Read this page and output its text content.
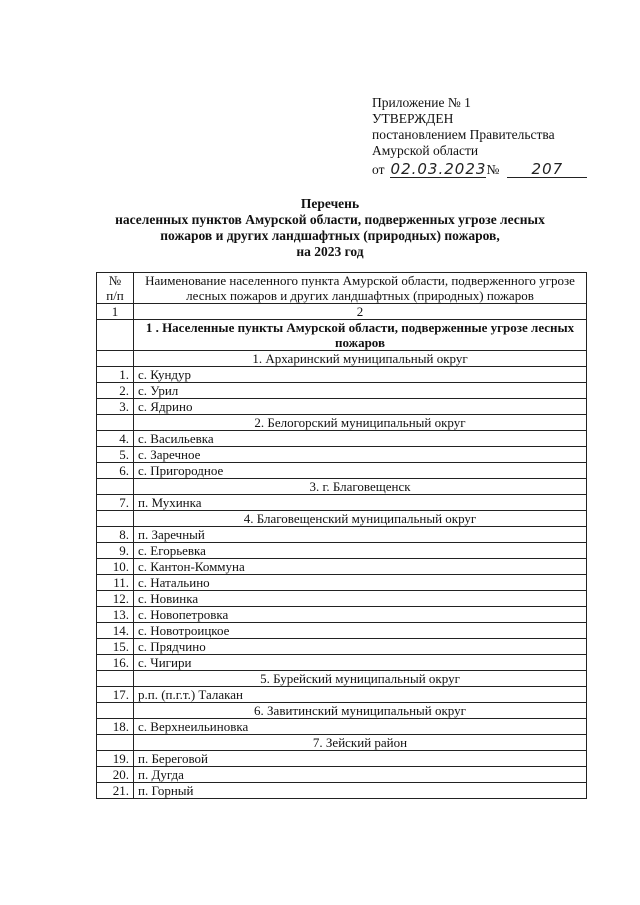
Приложение № 1
УТВЕРЖДЕН
постановлением Правительства
Амурской области
от 02.03.2023 №	207
Перечень
населенных пунктов Амурской области, подверженных угрозе лесных
пожаров и других ландшафтных (природных) пожаров,
на 2023 год
№
п/п	Наименование населенного пункта Амурской области, подверженного угрозе лесных пожаров и других ландшафтных (природных) пожаров
1	2
	1 . Населенные пункты Амурской области, подверженные угрозе лесных пожаров
	1. Архаринский муниципальный округ
1.	с. Кундур
2.	с. Урил
3.	с. Ядрино
	2. Белогорский муниципальный округ
4.	с. Васильевка
5.	с. Заречное
6.	с. Пригородное
	3. г. Благовещенск
7.	п. Мухинка
	4. Благовещенский муниципальный округ
8.	п. Заречный
9.	с. Егорьевка
10.	с. Кантон-Коммуна
11.	с. Натальино
12.	с. Новинка
13.	с. Новопетровка
14.	с. Новотроицкое
15.	с. Прядчино
16.	с. Чигири
	5. Бурейский муниципальный округ
17.	р.п. (п.г.т.) Талакан
	6. Завитинский муниципальный округ
18.	с. Верхнеильиновка
	7. Зейский район
19.	п. Береговой
20.	п. Дугда
21.	п. Горный
